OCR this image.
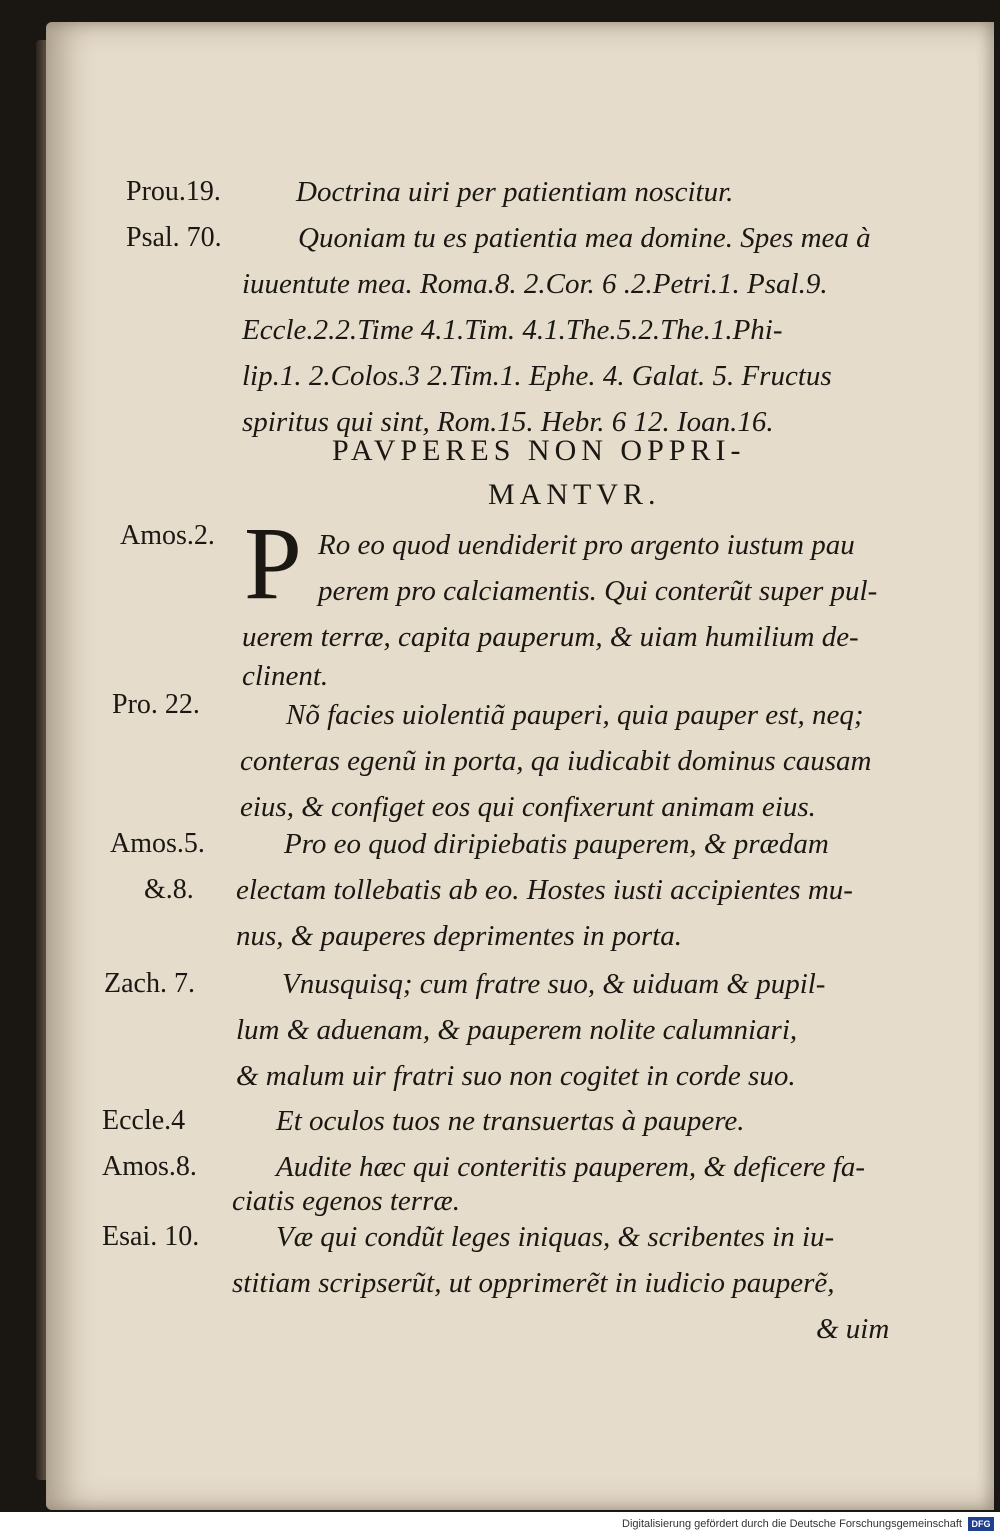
Prou.19.
Psal. 70.
Amos.2.
Pro. 22.
Amos.5.
&.8.
Zach. 7.
Eccle.4
Amos.8.
Esai. 10.
Doctrina uiri per patientiam noscitur.
Quoniam tu es patientia mea domine. Spes mea à
iuuentute mea. Roma.8. 2.Cor. 6 .2.Petri.1. Psal.9.
Eccle.2.2.Time 4.1.Tim. 4.1.The.5.2.The.1.Phi-
lip.1. 2.Colos.3 2.Tim.1. Ephe. 4. Galat. 5. Fructus
spiritus qui sint, Rom.15. Hebr. 6 12. Ioan.16.
PAVPERES NON OPPRI-
MANTVR.
P Ro eo quod uendiderit pro argento iustum pau
perem pro calciamentis. Qui conterũt super pul-
uerem terræ, capita pauperum, & uiam humilium de-
clinent.
Nõ facies uiolentiã pauperi, quia pauper est, neq;
conteras egenũ in porta, qa iudicabit dominus causam
eius, & configet eos qui confixerunt animam eius.
Pro eo quod diripiebatis pauperem, & prædam
electam tollebatis ab eo. Hostes iusti accipientes mu-
nus, & pauperes deprimentes in porta.
Vnusquisq; cum fratre suo, & uiduam & pupil-
lum & aduenam, & pauperem nolite calumniari,
& malum uir fratri suo non cogitet in corde suo.
Et oculos tuos ne transuertas à paupere.
Audite hæc qui conteritis pauperem, & deficere fa-
ciatis egenos terræ.
Væ qui condũt leges iniquas, & scribentes in iu-
stitiam scripserũt, ut opprimerẽt in iudicio pauperẽ,
& uim
Digitalisierung gefördert durch die Deutsche Forschungsgemeinschaft	DFG
